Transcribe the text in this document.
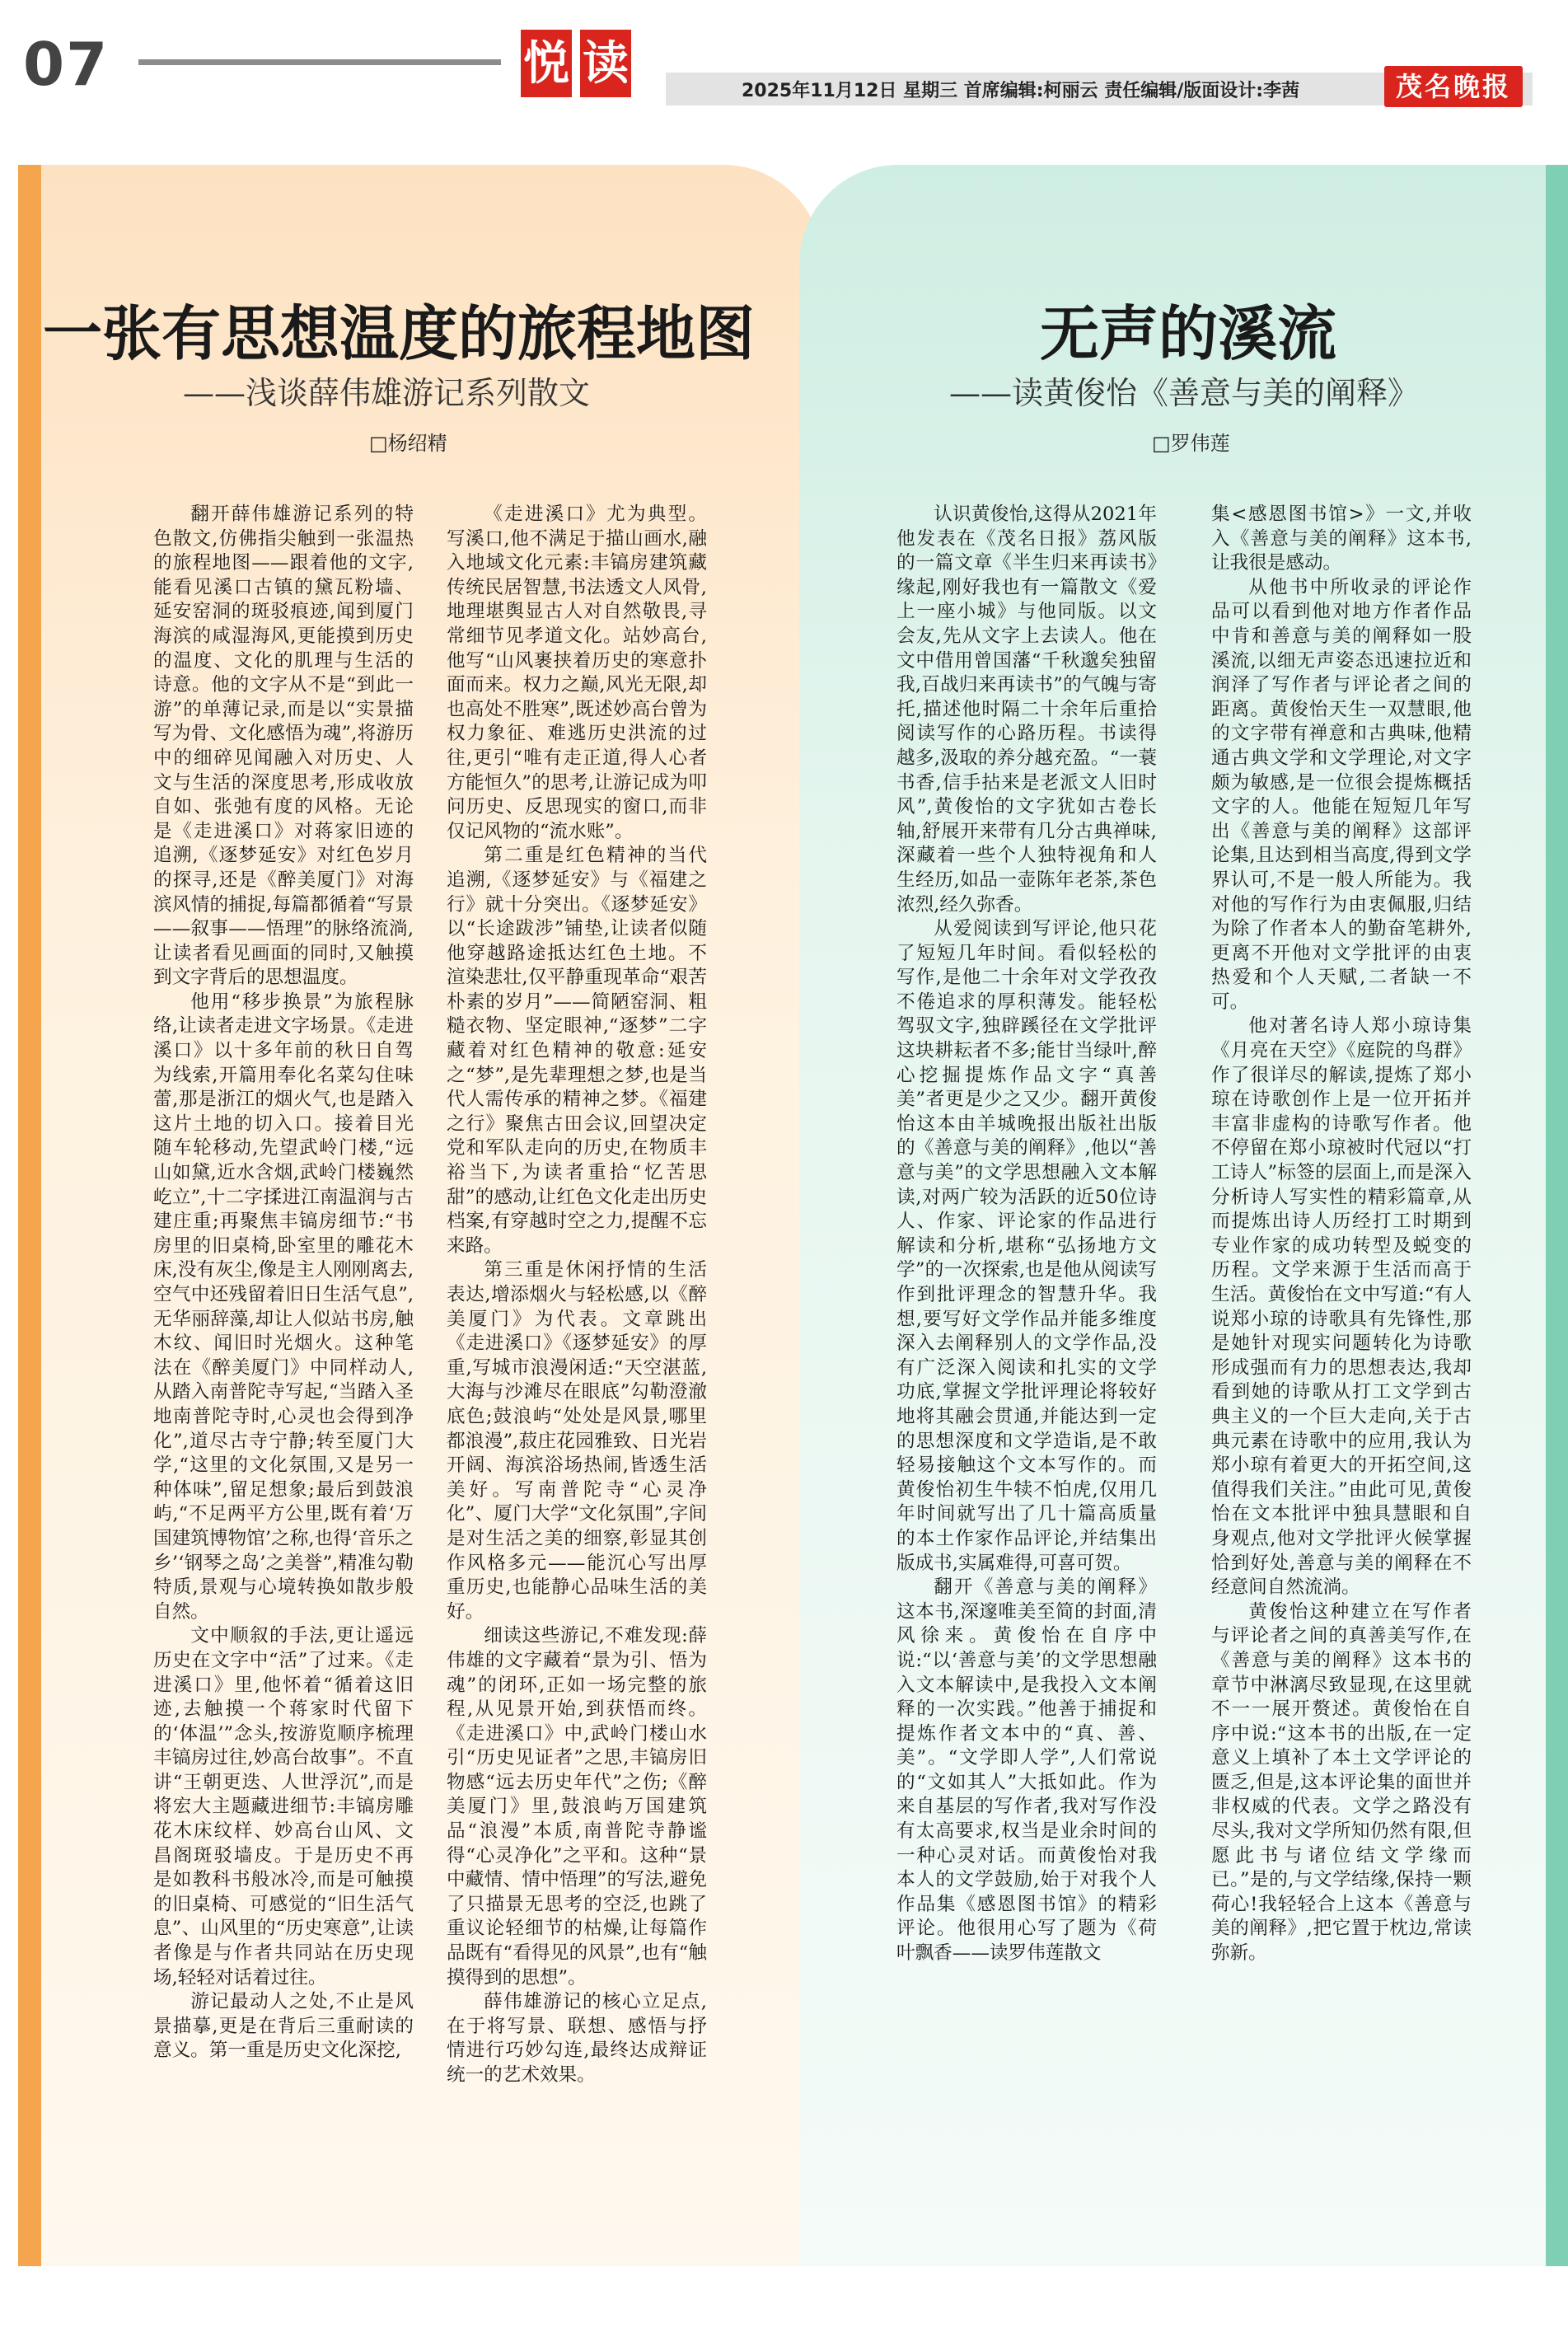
07	悦 读	2025年11月12日 星期三 首席编辑:柯丽云 责任编辑/版面设计:李茜	茂名晚报
一张有思想温度的旅程地图
——浅谈薛伟雄游记系列散文
□杨绍精

翻开薛伟雄游记系列的特色散文,仿佛指尖触到一张温热的旅程地图——跟着他的文字,能看见溪口古镇的黛瓦粉墙、延安窑洞的斑驳痕迹,闻到厦门海滨的咸湿海风,更能摸到历史的温度、文化的肌理与生活的诗意。他的文字从不是“到此一游”的单薄记录,而是以“实景描写为骨、文化感悟为魂”,将游历中的细碎见闻融入对历史、人文与生活的深度思考,形成收放自如、张弛有度的风格。无论是《走进溪口》对蒋家旧迹的追溯,《逐梦延安》对红色岁月的探寻,还是《醉美厦门》对海滨风情的捕捉,每篇都循着“写景——叙事——悟理”的脉络流淌,让读者看见画面的同时,又触摸到文字背后的思想温度。

他用“移步换景”为旅程脉络,让读者走进文字场景。《走进溪口》以十多年前的秋日自驾为线索,开篇用奉化名菜勾住味蕾,那是浙江的烟火气,也是踏入这片土地的切入口。接着目光随车轮移动,先望武岭门楼,“远山如黛,近水含烟,武岭门楼巍然屹立”,十二字揉进江南温润与古建庄重;再聚焦丰镐房细节:“书房里的旧桌椅,卧室里的雕花木床,没有灰尘,像是主人刚刚离去,空气中还残留着旧日生活气息”,无华丽辞藻,却让人似站书房,触木纹、闻旧时光烟火。这种笔法在《醉美厦门》中同样动人,从踏入南普陀寺写起,“当踏入圣地南普陀寺时,心灵也会得到净化”,道尽古寺宁静;转至厦门大学,“这里的文化氛围,又是另一种体味”,留足想象;最后到鼓浪屿,“不足两平方公里,既有着‘万国建筑博物馆’之称,也得‘音乐之乡’‘钢琴之岛’之美誉”,精准勾勒特质,景观与心境转换如散步般自然。

文中顺叙的手法,更让遥远历史在文字中“活”了过来。《走进溪口》里,他怀着“循着这旧迹,去触摸一个蒋家时代留下的‘体温’”念头,按游览顺序梳理丰镐房过往,妙高台故事”。不直讲“王朝更迭、人世浮沉”,而是将宏大主题藏进细节:丰镐房雕花木床纹样、妙高台山风、文昌阁斑驳墙皮。于是历史不再是如教科书般冰冷,而是可触摸的旧桌椅、可感觉的“旧生活气息”、山风里的“历史寒意”,让读者像是与作者共同站在历史现场,轻轻对话着过往。

游记最动人之处,不止是风景描摹,更是在背后三重耐读的意义。第一重是历史文化深挖,

《走进溪口》尤为典型。写溪口,他不满足于描山画水,融入地域文化元素:丰镐房建筑藏传统民居智慧,书法透文人风骨,地理堪舆显古人对自然敬畏,寻常细节见孝道文化。站妙高台,他写“山风裹挟着历史的寒意扑面而来。权力之巅,风光无限,却也高处不胜寒”,既述妙高台曾为权力象征、难逃历史洪流的过往,更引“唯有走正道,得人心者方能恒久”的思考,让游记成为叩问历史、反思现实的窗口,而非仅记风物的“流水账”。

第二重是红色精神的当代追溯,《逐梦延安》与《福建之行》就十分突出。《逐梦延安》以“长途跋涉”铺垫,让读者似随他穿越路途抵达红色土地。不渲染悲壮,仅平静重现革命“艰苦朴素的岁月”——简陋窑洞、粗糙衣物、坚定眼神,“逐梦”二字藏着对红色精神的敬意:延安之“梦”,是先辈理想之梦,也是当代人需传承的精神之梦。《福建之行》聚焦古田会议,回望决定党和军队走向的历史,在物质丰裕当下,为读者重拾“忆苦思甜”的感动,让红色文化走出历史档案,有穿越时空之力,提醒不忘来路。

第三重是休闲抒情的生活表达,增添烟火与轻松感,以《醉美厦门》为代表。文章跳出《走进溪口》《逐梦延安》的厚重,写城市浪漫闲适:“天空湛蓝,大海与沙滩尽在眼底”勾勒澄澈底色;鼓浪屿“处处是风景,哪里都浪漫”,菽庄花园雅致、日光岩开阔、海滨浴场热闹,皆透生活美好。写南普陀寺“心灵净化”、厦门大学“文化氛围”,字间是对生活之美的细察,彰显其创作风格多元——能沉心写出厚重历史,也能静心品味生活的美好。

细读这些游记,不难发现:薛伟雄的文字藏着“景为引、悟为魂”的闭环,正如一场完整的旅程,从见景开始,到获悟而终。《走进溪口》中,武岭门楼山水引“历史见证者”之思,丰镐房旧物感“远去历史年代”之伤;《醉美厦门》里,鼓浪屿万国建筑品“浪漫”本质,南普陀寺静谧得“心灵净化”之平和。这种“景中藏情、情中悟理”的写法,避免了只描景无思考的空泛,也跳了重议论轻细节的枯燥,让每篇作品既有“看得见的风景”,也有“触摸得到的思想”。

薛伟雄游记的核心立足点,在于将写景、联想、感悟与抒情进行巧妙勾连,最终达成辩证统一的艺术效果。

无声的溪流
——读黄俊怡《善意与美的阐释》
□罗伟莲

认识黄俊怡,这得从2021年他发表在《茂名日报》荔风版的一篇文章《半生归来再读书》缘起,刚好我也有一篇散文《爱上一座小城》与他同版。以文会友,先从文字上去读人。他在文中借用曾国藩“千秋邈矣独留我,百战归来再读书”的气魄与寄托,描述他时隔二十余年后重拾阅读写作的心路历程。书读得越多,汲取的养分越充盈。“一蓑书香,信手拈来是老派文人旧时风”,黄俊怡的文字犹如古卷长轴,舒展开来带有几分古典禅味,深藏着一些个人独特视角和人生经历,如品一壶陈年老茶,茶色浓烈,经久弥香。

从爱阅读到写评论,他只花了短短几年时间。看似轻松的写作,是他二十余年对文学孜孜不倦追求的厚积薄发。能轻松驾驭文字,独辟蹊径在文学批评这块耕耘者不多;能甘当绿叶,醉心挖掘提炼作品文字“真善美”者更是少之又少。翻开黄俊怡这本由羊城晚报出版社出版的《善意与美的阐释》,他以“善意与美”的文学思想融入文本解读,对两广较为活跃的近50位诗人、作家、评论家的作品进行解读和分析,堪称“弘扬地方文学”的一次探索,也是他从阅读写作到批评理念的智慧升华。我想,要写好文学作品并能多维度深入去阐释别人的文学作品,没有广泛深入阅读和扎实的文学功底,掌握文学批评理论将较好地将其融会贯通,并能达到一定的思想深度和文学造诣,是不敢轻易接触这个文本写作的。而黄俊怡初生牛犊不怕虎,仅用几年时间就写出了几十篇高质量的本土作家作品评论,并结集出版成书,实属难得,可喜可贺。

翻开《善意与美的阐释》这本书,深邃唯美至简的封面,清风徐来。黄俊怡在自序中说:“以‘善意与美’的文学思想融入文本解读中,是我投入文本阐释的一次实践。”他善于捕捉和提炼作者文本中的“真、善、美”。“文学即人学”,人们常说的“文如其人”大抵如此。作为来自基层的写作者,我对写作没有太高要求,权当是业余时间的一种心灵对话。而黄俊怡对我本人的文学鼓励,始于对我个人作品集《感恩图书馆》的精彩评论。他很用心写了题为《荷叶飘香——读罗伟莲散文

集<感恩图书馆>》一文,并收入《善意与美的阐释》这本书,让我很是感动。

从他书中所收录的评论作品可以看到他对地方作者作品中肯和善意与美的阐释如一股溪流,以细无声姿态迅速拉近和润泽了写作者与评论者之间的距离。黄俊怡天生一双慧眼,他的文字带有禅意和古典味,他精通古典文学和文学理论,对文字颇为敏感,是一位很会提炼概括文字的人。他能在短短几年写出《善意与美的阐释》这部评论集,且达到相当高度,得到文学界认可,不是一般人所能为。我对他的写作行为由衷佩服,归结为除了作者本人的勤奋笔耕外,更离不开他对文学批评的由衷热爱和个人天赋,二者缺一不可。

他对著名诗人郑小琼诗集《月亮在天空》《庭院的鸟群》作了很详尽的解读,提炼了郑小琼在诗歌创作上是一位开拓并丰富非虚构的诗歌写作者。他不停留在郑小琼被时代冠以“打工诗人”标签的层面上,而是深入分析诗人写实性的精彩篇章,从而提炼出诗人历经打工时期到专业作家的成功转型及蜕变的历程。文学来源于生活而高于生活。黄俊怡在文中写道:“有人说郑小琼的诗歌具有先锋性,那是她针对现实问题转化为诗歌形成强而有力的思想表达,我却看到她的诗歌从打工文学到古典主义的一个巨大走向,关于古典元素在诗歌中的应用,我认为郑小琼有着更大的开拓空间,这值得我们关注。”由此可见,黄俊怡在文本批评中独具慧眼和自身观点,他对文学批评火候掌握恰到好处,善意与美的阐释在不经意间自然流淌。

黄俊怡这种建立在写作者与评论者之间的真善美写作,在《善意与美的阐释》这本书的章节中淋漓尽致显现,在这里就不一一展开赘述。黄俊怡在自序中说:“这本书的出版,在一定意义上填补了本土文学评论的匮乏,但是,这本评论集的面世并非权威的代表。文学之路没有尽头,我对文学所知仍然有限,但愿此书与诸位结文学缘而已。”是的,与文学结缘,保持一颗荷心!我轻轻合上这本《善意与美的阐释》,把它置于枕边,常读弥新。
